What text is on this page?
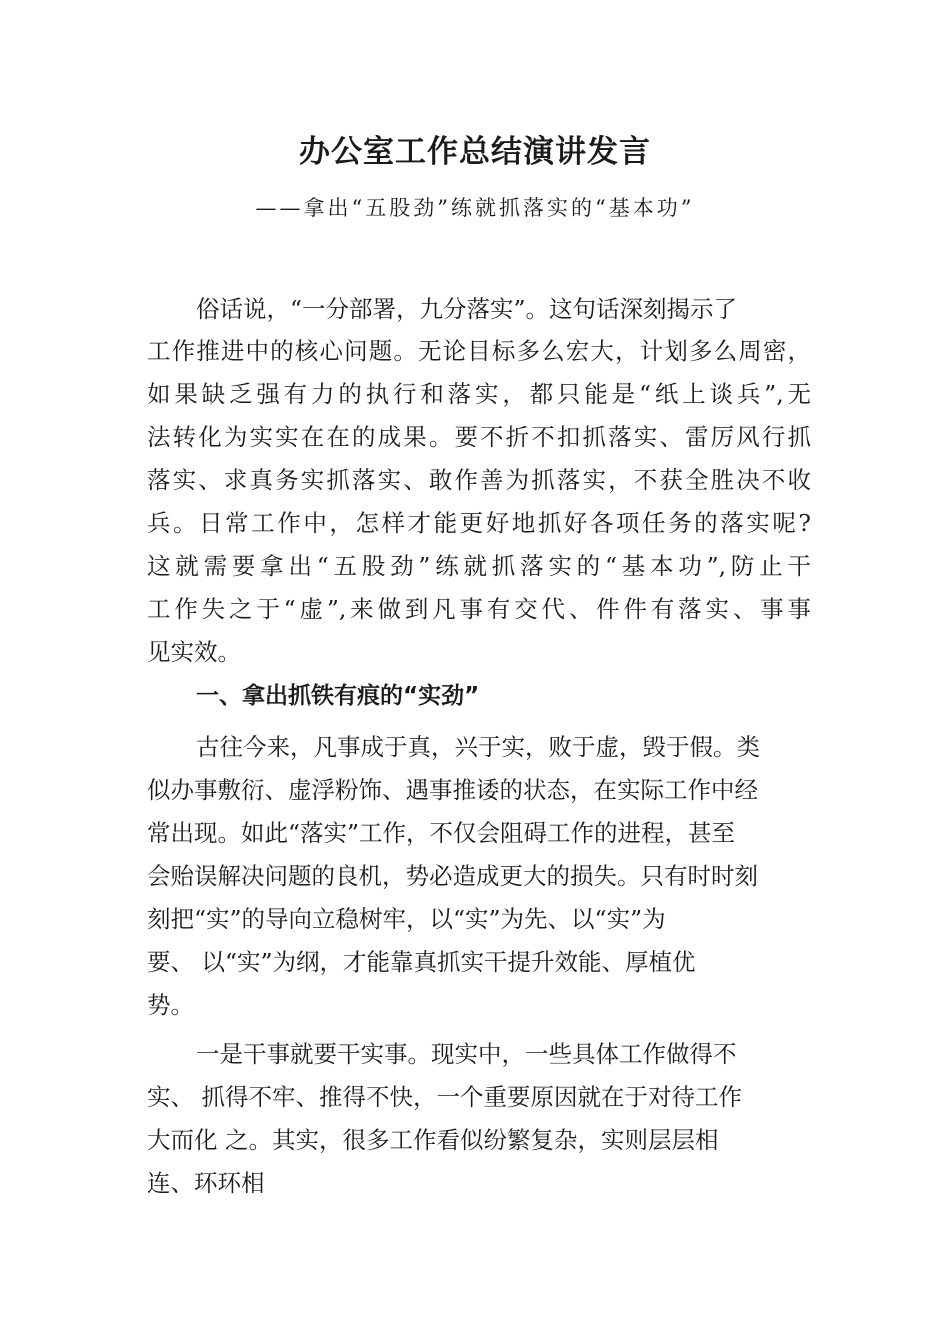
办公室工作总结演讲发言

——拿出“五股劲”练就抓落实的“基本功”

俗话说，“一分部署，九分落实”。这句话深刻揭示了

工作推进中的核心问题。无论目标多么宏大，计划多么周密，

如果缺乏强有力的执行和落实，都只能是“纸上谈兵”,无

法转化为实实在在的成果。要不折不扣抓落实、雷厉风行抓

落实、求真务实抓落实、敢作善为抓落实，不获全胜决不收

兵。日常工作中，怎样才能更好地抓好各项任务的落实呢?

这就需要拿出“五股劲”练就抓落实的“基本功”,防止干

工作失之于“虚”,来做到凡事有交代、件件有落实、事事

见实效。

一、拿出抓铁有痕的“实劲”

古往今来，凡事成于真，兴于实，败于虚，毁于假。类

似办事敷衍、虚浮粉饰、遇事推诿的状态，在实际工作中经

常出现。如此“落实”工作，不仅会阻碍工作的进程，甚至

会贻误解决问题的良机，势必造成更大的损失。只有时时刻

刻把“实”的导向立稳树牢，以“实”为先、以“实”为

要、 以“实”为纲，才能靠真抓实干提升效能、厚植优

势。

一是干事就要干实事。现实中，一些具体工作做得不

实、 抓得不牢、推得不快，一个重要原因就在于对待工作

大而化 之。其实，很多工作看似纷繁复杂，实则层层相

连、环环相
